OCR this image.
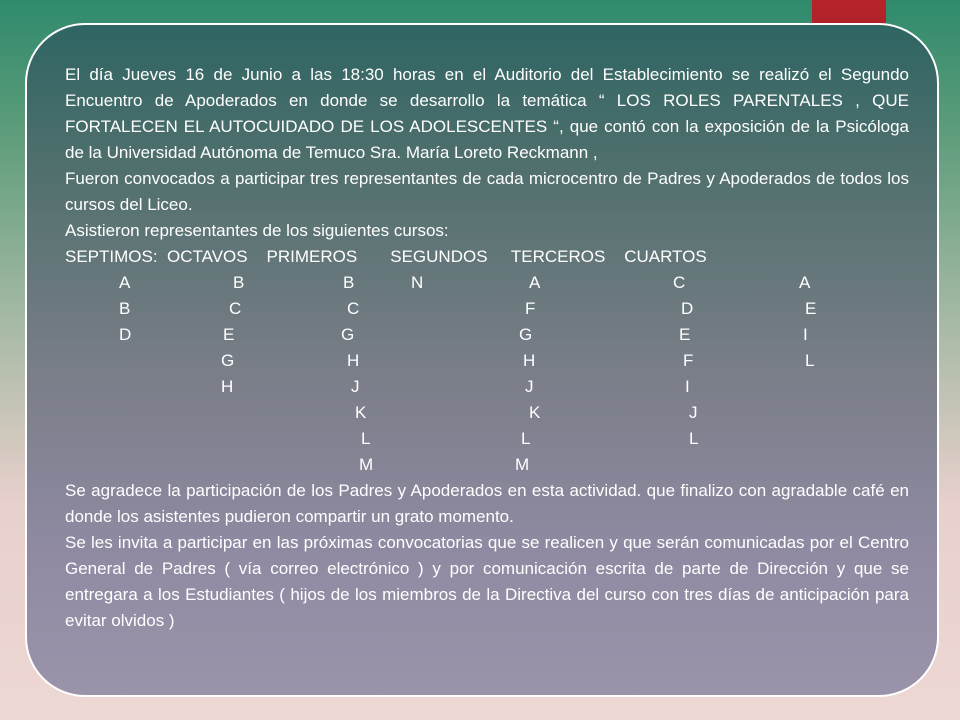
El día Jueves 16 de Junio a las 18:30 horas en el Auditorio del Establecimiento se realizó el Segundo Encuentro de Apoderados en donde se desarrollo la temática “ LOS ROLES PARENTALES , QUE FORTALECEN EL AUTOCUIDADO DE LOS ADOLESCENTES “, que contó con la exposición de la Psicóloga de la Universidad Autónoma de Temuco Sra. María Loreto Reckmann ,

Fueron convocados a participar tres representantes de cada microcentro de Padres y Apoderados de todos los cursos del Liceo.

Asistieron representantes de los siguientes cursos:

SEPTIMOS:  OCTAVOS    PRIMEROS       SEGUNDOS     TERCEROS    CUARTOS

A
B
D
B
C
E
G
H
B
C
G
H
J
K
L
M
N	A
F
G
H
J
K
L
M
C
D
E
F
I
J
L
A
E
I
L

Se agradece la participación de los Padres y Apoderados en esta actividad. que finalizo con agradable café en donde los asistentes pudieron compartir un grato momento.

Se les invita a participar en las próximas convocatorias que se realicen y que serán comunicadas por el Centro General de Padres ( vía correo electrónico ) y por comunicación escrita de parte de Dirección y que se entregara a los Estudiantes ( hijos de los miembros de la Directiva del curso con tres días de anticipación para evitar olvidos )
